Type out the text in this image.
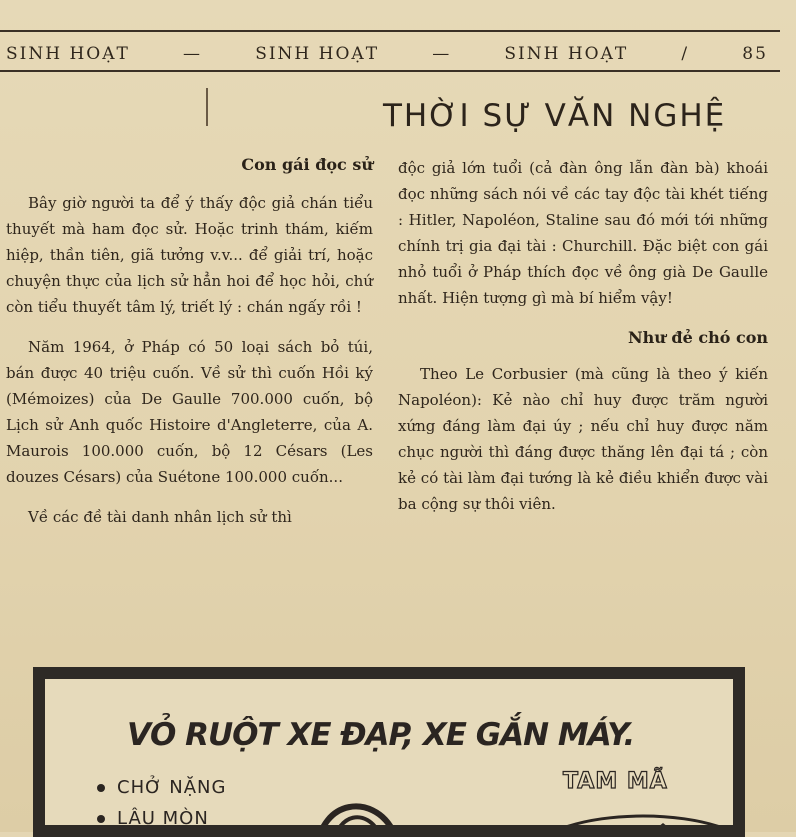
SINH HOẠT	—	SINH HOẠT	—	SINH HOẠT	/	85
THỜI SỰ VĂN NGHỆ
Con gái đọc sử

Bây giờ người ta để ý thấy độc giả chán tiểu thuyết mà ham đọc sử. Hoặc trinh thám, kiếm hiệp, thần tiên, giã tưởng v.v... để giải trí, hoặc chuyện thực của lịch sử hẳn hoi để học hỏi, chứ còn tiểu thuyết tâm lý, triết lý : chán ngấy rồi !

Năm 1964, ở Pháp có 50 loại sách bỏ túi, bán được 40 triệu cuốn. Về sử thì cuốn Hồi ký (Mémoizes) của De Gaulle 700.000 cuốn, bộ Lịch sử Anh quốc Histoire d'Angleterre, của A. Maurois 100.000 cuốn, bộ 12 Césars (Les douzes Césars) của Suétone 100.000 cuốn...

Về các đề tài danh nhân lịch sử thì

độc giả lớn tuổi (cả đàn ông lẫn đàn bà) khoái đọc những sách nói về các tay độc tài khét tiếng : Hitler, Napoléon, Staline sau đó mới tới những chính trị gia đại tài : Churchill. Đặc biệt con gái nhỏ tuổi ở Pháp thích đọc về ông già De Gaulle nhất. Hiện tượng gì mà bí hiểm vậy!

Như đẻ chó con

Theo Le Corbusier (mà cũng là theo ý kiến Napoléon): Kẻ nào chỉ huy được trăm người xứng đáng làm đại úy ; nếu chỉ huy được năm chục người thì đáng được thăng lên đại tá ; còn kẻ có tài làm đại tướng là kẻ điều khiển được vài ba cộng sự thôi viên.

VỎ RUỘT XE ĐẠP, XE GẮN MÁY.
CHỞ NẶNG
LÂU MÒN
TAM MÃ
